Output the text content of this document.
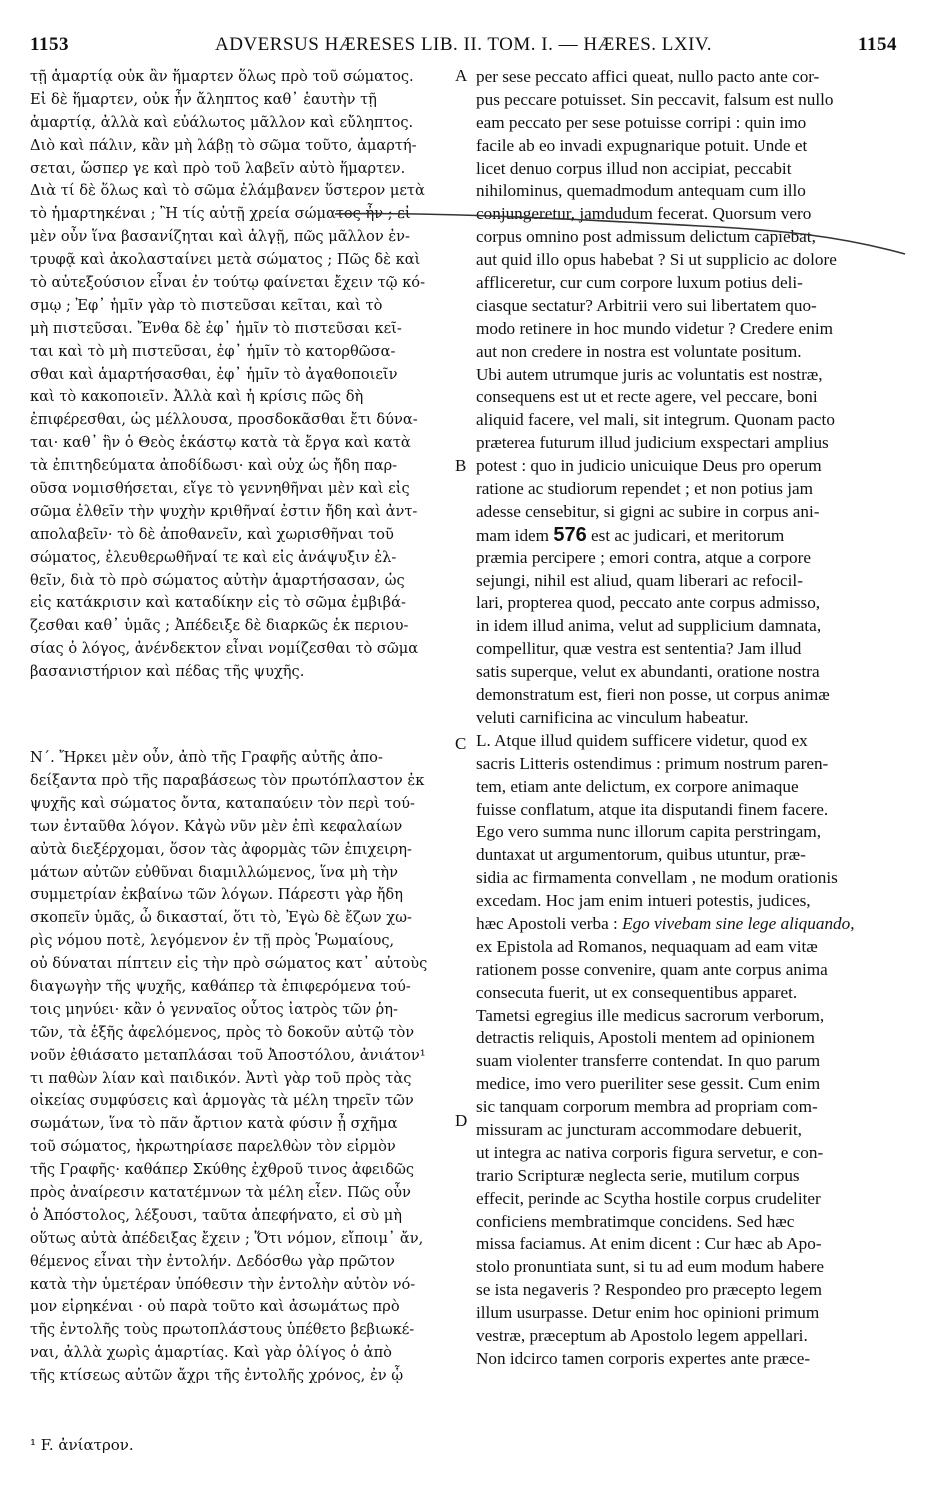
1153	ADVERSUS HÆRESES LIB. II. TOM. I. — HÆRES. LXIV.	1154
τῇ ἁμαρτίᾳ οὐκ ἂν ἥμαρτεν ὅλως πρὸ τοῦ σώματος.
Εἰ δὲ ἥμαρτεν, οὐκ ἦν ἄληπτος καθ᾽ ἑαυτὴν τῇ
ἁμαρτίᾳ, ἀλλὰ καὶ εὐάλωτος μᾶλλον καὶ εὔληπτος.
Διὸ καὶ πάλιν, κἂν μὴ λάβῃ τὸ σῶμα τοῦτο, ἁμαρτή-
σεται, ὥσπερ γε καὶ πρὸ τοῦ λαβεῖν αὐτὸ ἥμαρτεν.
Διὰ τί δὲ ὅλως καὶ τὸ σῶμα ἐλάμβανεν ὕστερον μετὰ
τὸ ἡμαρτηκέναι ; Ἢ τίς αὐτῇ χρεία σώματος ἦν ; εἰ
μὲν οὖν ἵνα βασανίζηται καὶ ἀλγῇ, πῶς μᾶλλον ἐν-
τρυφᾷ καὶ ἀκολασταίνει μετὰ σώματος ; Πῶς δὲ καὶ
τὸ αὐτεξούσιον εἶναι ἐν τούτῳ φαίνεται ἔχειν τῷ κό-
σμῳ ; Ἐφ᾽ ἡμῖν γὰρ τὸ πιστεῦσαι κεῖται, καὶ τὸ
μὴ πιστεῦσαι. Ἔνθα δὲ ἐφ᾽ ἡμῖν τὸ πιστεῦσαι κεῖ-
ται καὶ τὸ μὴ πιστεῦσαι, ἐφ᾽ ἡμῖν τὸ κατορθῶσα-
σθαι καὶ ἁμαρτήσασθαι, ἐφ᾽ ἡμῖν τὸ ἀγαθοποιεῖν
καὶ τὸ κακοποιεῖν. Ἀλλὰ καὶ ἡ κρίσις πῶς δὴ
ἐπιφέρεσθαι, ὡς μέλλουσα, προσδοκᾶσθαι ἔτι δύνα-
ται· καθ᾽ ἣν ὁ Θεὸς ἑκάστῳ κατὰ τὰ ἔργα καὶ κατὰ
τὰ ἐπιτηδεύματα ἀποδίδωσι· καὶ οὐχ ὡς ἤδη παρ-
οῦσα νομισθήσεται, εἴγε τὸ γεννηθῆναι μὲν καὶ εἰς
σῶμα ἐλθεῖν τὴν ψυχὴν κριθῆναί ἐστιν ἤδη καὶ ἀντ-
απολαβεῖν· τὸ δὲ ἀποθανεῖν, καὶ χωρισθῆναι τοῦ
σώματος, ἐλευθερωθῆναί τε καὶ εἰς ἀνάψυξιν ἐλ-
θεῖν, διὰ τὸ πρὸ σώματος αὐτὴν ἁμαρτήσασαν, ὡς
εἰς κατάκρισιν καὶ καταδίκην εἰς τὸ σῶμα ἐμβιβά-
ζεσθαι καθ᾽ ὑμᾶς ; Ἀπέδειξε δὲ διαρκῶς ἐκ περιου-
σίας ὁ λόγος, ἀνένδεκτον εἶναι νομίζεσθαι τὸ σῶμα
βασανιστήριον καὶ πέδας τῆς ψυχῆς.
Ν´. Ἤρκει μὲν οὖν, ἀπὸ τῆς Γραφῆς αὐτῆς ἀπο-
δείξαντα πρὸ τῆς παραβάσεως τὸν πρωτόπλαστον ἐκ
ψυχῆς καὶ σώματος ὄντα, καταπαύειν τὸν περὶ τού-
των ἐνταῦθα λόγον. Κἀγὼ νῦν μὲν ἐπὶ κεφαλαίων
αὐτὰ διεξέρχομαι, ὅσον τὰς ἀφορμὰς τῶν ἐπιχειρη-
μάτων αὐτῶν εὐθῦναι διαμιλλώμενος, ἵνα μὴ τὴν
συμμετρίαν ἐκβαίνω τῶν λόγων. Πάρεστι γὰρ ἤδη
σκοπεῖν ὑμᾶς, ὦ δικασταί, ὅτι τὸ, Ἐγὼ δὲ ἔζων χω-
ρὶς νόμου ποτὲ, λεγόμενον ἐν τῇ πρὸς Ῥωμαίους,
οὐ δύναται πίπτειν εἰς τὴν πρὸ σώματος κατ᾽ αὐτοὺς
διαγωγὴν τῆς ψυχῆς, καθάπερ τὰ ἐπιφερόμενα τού-
τοις μηνύει· κἂν ὁ γενναῖος οὗτος ἰατρὸς τῶν ῥη-
τῶν, τὰ ἑξῆς ἀφελόμενος, πρὸς τὸ δοκοῦν αὐτῷ τὸν
νοῦν ἐθιάσατο μεταπλάσαι τοῦ Ἀποστόλου, ἀνιάτον¹
τι παθὼν λίαν καὶ παιδικόν. Ἀντὶ γὰρ τοῦ πρὸς τὰς
οἰκείας συμφύσεις καὶ ἁρμογὰς τὰ μέλη τηρεῖν τῶν
σωμάτων, ἵνα τὸ πᾶν ἄρτιον κατὰ φύσιν ᾖ σχῆμα
τοῦ σώματος, ἠκρωτηρίασε παρελθὼν τὸν εἱρμὸν
τῆς Γραφῆς· καθάπερ Σκύθης ἐχθροῦ τινος ἀφειδῶς
πρὸς ἀναίρεσιν κατατέμνων τὰ μέλη εἶεν. Πῶς οὖν
ὁ Ἀπόστολος, λέξουσι, ταῦτα ἀπεφήνατο, εἰ σὺ μὴ
οὕτως αὐτὰ ἀπέδειξας ἔχειν ; Ὅτι νόμον, εἴποιμ᾽ ἄν,
θέμενος εἶναι τὴν ἐντολήν. Δεδόσθω γὰρ πρῶτον
κατὰ τὴν ὑμετέραν ὑπόθεσιν τὴν ἐντολὴν αὐτὸν νό-
μον εἰρηκέναι · οὐ παρὰ τοῦτο καὶ ἀσωμάτως πρὸ
τῆς ἐντολῆς τοὺς πρωτοπλάστους ὑπέθετο βεβιωκέ-
ναι, ἀλλὰ χωρὶς ἁμαρτίας. Καὶ γὰρ ὀλίγος ὁ ἀπὸ
τῆς κτίσεως αὐτῶν ἄχρι τῆς ἐντολῆς χρόνος, ἐν ᾧ
per sese peccato affici queat, nullo pacto ante cor-
pus peccare potuisset. Sin peccavit, falsum est nullo
eam peccato per sese potuisse corripi : quin imo
facile ab eo invadi expugnarique potuit. Unde et
licet denuo corpus illud non accipiat, peccabit
nihilominus, quemadmodum antequam cum illo
conjungeretur, jamdudum fecerat. Quorsum vero
corpus omnino post admissum delictum capiebat,
aut quid illo opus habebat ? Si ut supplicio ac dolore
affliceretur, cur cum corpore luxum potius deli-
ciasque sectatur? Arbitrii vero sui libertatem quo-
modo retinere in hoc mundo videtur ? Credere enim
aut non credere in nostra est voluntate positum.
Ubi autem utrumque juris ac voluntatis est nostræ,
consequens est ut et recte agere, vel peccare, boni
aliquid facere, vel mali, sit integrum. Quonam pacto
præterea futurum illud judicium exspectari amplius
potest : quo in judicio unicuique Deus pro operum
ratione ac studiorum rependet ; et non potius jam
adesse censebitur, si gigni ac subire in corpus ani-
mam idem 576 est ac judicari, et meritorum
præmia percipere ; emori contra, atque a corpore
sejungi, nihil est aliud, quam liberari ac refocil-
lari, propterea quod, peccato ante corpus admisso,
in idem illud anima, velut ad supplicium damnata,
compellitur, quæ vestra est sententia? Jam illud
satis superque, velut ex abundanti, oratione nostra
demonstratum est, fieri non posse, ut corpus animæ
veluti carnificina ac vinculum habeatur.
L. Atque illud quidem sufficere videtur, quod ex
sacris Litteris ostendimus : primum nostrum paren-
tem, etiam ante delictum, ex corpore animaque
fuisse conflatum, atque ita disputandi finem facere.
Ego vero summa nunc illorum capita perstringam,
duntaxat ut argumentorum, quibus utuntur, præ-
sidia ac firmamenta convellam , ne modum orationis
excedam. Hoc jam enim intueri potestis, judices,
hæc Apostoli verba : Ego vivebam sine lege aliquando,
ex Epistola ad Romanos, nequaquam ad eam vitæ
rationem posse convenire, quam ante corpus anima
consecuta fuerit, ut ex consequentibus apparet.
Tametsi egregius ille medicus sacrorum verborum,
detractis reliquis, Apostoli mentem ad opinionem
suam violenter transferre contendat. In quo parum
medice, imo vero pueriliter sese gessit. Cum enim
sic tanquam corporum membra ad propriam com-
missuram ac juncturam accommodare debuerit,
ut integra ac nativa corporis figura servetur, e con-
trario Scripturæ neglecta serie, mutilum corpus
effecit, perinde ac Scytha hostile corpus crudeliter
conficiens membratimque concidens. Sed hæc
missa faciamus. At enim dicent : Cur hæc ab Apo-
stolo pronuntiata sunt, si tu ad eum modum habere
se ista negaveris ? Respondeo pro præcepto legem
illum usurpasse. Detur enim hoc opinioni primum
vestræ, præceptum ab Apostolo legem appellari.
Non idcirco tamen corporis expertes ante præce-
A
B
C
D
¹ F. ἀνίατρον.
